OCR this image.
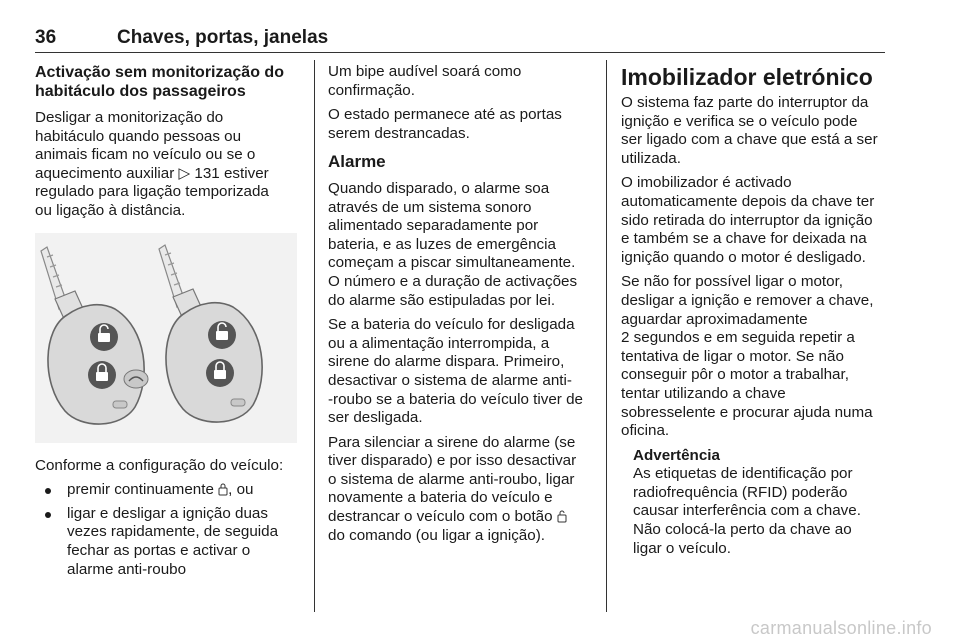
36	Chaves, portas, janelas
Activação sem monitorização do habitáculo dos passageiros

Desligar a monitorização do
habitáculo quando pessoas ou
animais ficam no veículo ou se o
aquecimento auxiliar ▷ 131 estiver
regulado para ligação temporizada
ou ligação à distância.

Conforme a configuração do veículo:

premir continuamente , ou
ligar e desligar a ignição duas
vezes rapidamente, de seguida
fechar as portas e activar o
alarme anti-roubo

Um bipe audível soará como
confirmação.

O estado permanece até as portas
serem destrancadas.

Alarme

Quando disparado, o alarme soa
através de um sistema sonoro
alimentado separadamente por
bateria, e as luzes de emergência
começam a piscar simultaneamente.
O número e a duração de activações
do alarme são estipuladas por lei.

Se a bateria do veículo for desligada
ou a alimentação interrompida, a
sirene do alarme dispara. Primeiro,
desactivar o sistema de alarme anti-
-roubo se a bateria do veículo tiver de
ser desligada.

Para silenciar a sirene do alarme (se
tiver disparado) e por isso desactivar
o sistema de alarme anti-roubo, ligar
novamente a bateria do veículo e
destrancar o veículo com o botão
do comando (ou ligar a ignição).

Imobilizador eletrónico

O sistema faz parte do interruptor da
ignição e verifica se o veículo pode
ser ligado com a chave que está a ser
utilizada.

O imobilizador é activado
automaticamente depois da chave ter
sido retirada do interruptor da ignição
e também se a chave for deixada na
ignição quando o motor é desligado.

Se não for possível ligar o motor,
desligar a ignição e remover a chave,
aguardar aproximadamente
2 segundos e em seguida repetir a
tentativa de ligar o motor. Se não
conseguir pôr o motor a trabalhar,
tentar utilizando a chave
sobresselente e procurar ajuda numa
oficina.

Advertência
As etiquetas de identificação por
radiofrequência (RFID) poderão
causar interferência com a chave.
Não colocá-la perto da chave ao
ligar o veículo.
carmanualsonline.info
